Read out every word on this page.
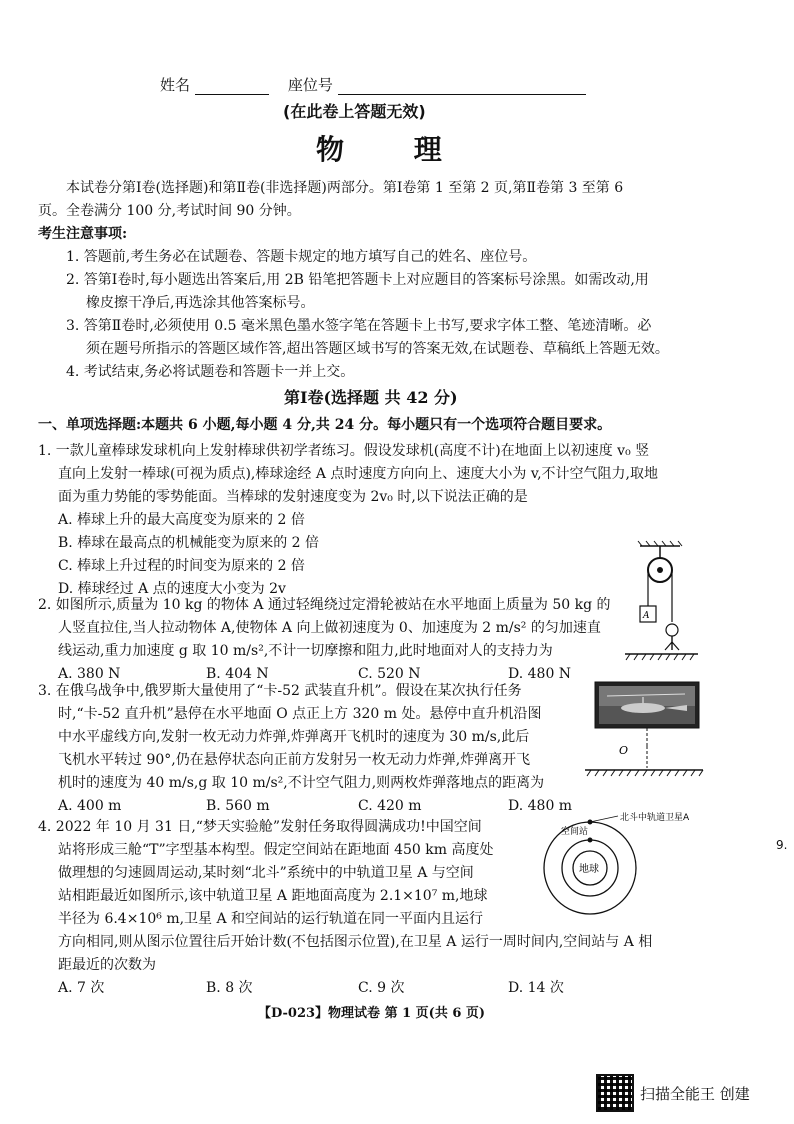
姓名	座位号
(在此卷上答题无效)
物 理
本试卷分第Ⅰ卷(选择题)和第Ⅱ卷(非选择题)两部分。第Ⅰ卷第 1 至第 2 页,第Ⅱ卷第 3 至第 6
页。全卷满分 100 分,考试时间 90 分钟。
考生注意事项:
1. 答题前,考生务必在试题卷、答题卡规定的地方填写自己的姓名、座位号。
2. 答第Ⅰ卷时,每小题选出答案后,用 2B 铅笔把答题卡上对应题目的答案标号涂黑。如需改动,用
橡皮擦干净后,再选涂其他答案标号。
3. 答第Ⅱ卷时,必须使用 0.5 毫米黑色墨水签字笔在答题卡上书写,要求字体工整、笔迹清晰。必
须在题号所指示的答题区域作答,超出答题区域书写的答案无效,在试题卷、草稿纸上答题无效。
4. 考试结束,务必将试题卷和答题卡一并上交。
第Ⅰ卷(选择题 共 42 分)
一、单项选择题:本题共 6 小题,每小题 4 分,共 24 分。每小题只有一个选项符合题目要求。
1. 一款儿童棒球发球机向上发射棒球供初学者练习。假设发球机(高度不计)在地面上以初速度 v₀ 竖
直向上发射一棒球(可视为质点),棒球途经 A 点时速度方向向上、速度大小为 v,不计空气阻力,取地
面为重力势能的零势能面。当棒球的发射速度变为 2v₀ 时,以下说法正确的是
A. 棒球上升的最大高度变为原来的 2 倍
B. 棒球在最高点的机械能变为原来的 2 倍
C. 棒球上升过程的时间变为原来的 2 倍
D. 棒球经过 A 点的速度大小变为 2v
A
2. 如图所示,质量为 10 kg 的物体 A 通过轻绳绕过定滑轮被站在水平地面上质量为 50 kg 的
人竖直拉住,当人拉动物体 A,使物体 A 向上做初速度为 0、加速度为 2 m/s² 的匀加速直
线运动,重力加速度 g 取 10 m/s²,不计一切摩擦和阻力,此时地面对人的支持力为
A. 380 N	B. 404 N	C. 520 N	D. 480 N
O
3. 在俄乌战争中,俄罗斯大量使用了“卡-52 武装直升机”。假设在某次执行任务
时,“卡-52 直升机”悬停在水平地面 O 点正上方 320 m 处。悬停中直升机沿图
中水平虚线方向,发射一枚无动力炸弹,炸弹离开飞机时的速度为 30 m/s,此后
飞机水平转过 90°,仍在悬停状态向正前方发射另一枚无动力炸弹,炸弹离开飞
机时的速度为 40 m/s,g 取 10 m/s²,不计空气阻力,则两枚炸弹落地点的距离为
A. 400 m	B. 560 m	C. 420 m	D. 480 m
空间站
北斗中轨道卫星A
地球
4. 2022 年 10 月 31 日,“梦天实验舱”发射任务取得圆满成功!中国空间
站将形成三舱“T”字型基本构型。假定空间站在距地面 450 km 高度处
做理想的匀速圆周运动,某时刻“北斗”系统中的中轨道卫星 A 与空间
站相距最近如图所示,该中轨道卫星 A 距地面高度为 2.1×10⁷ m,地球
半径为 6.4×10⁶ m,卫星 A 和空间站的运行轨道在同一平面内且运行
方向相同,则从图示位置往后开始计数(不包括图示位置),在卫星 A 运行一周时间内,空间站与 A 相
距最近的次数为
A. 7 次	B. 8 次	C. 9 次	D. 14 次
【D-023】物理试卷 第 1 页(共 6 页)
9.
扫描全能王 创建
